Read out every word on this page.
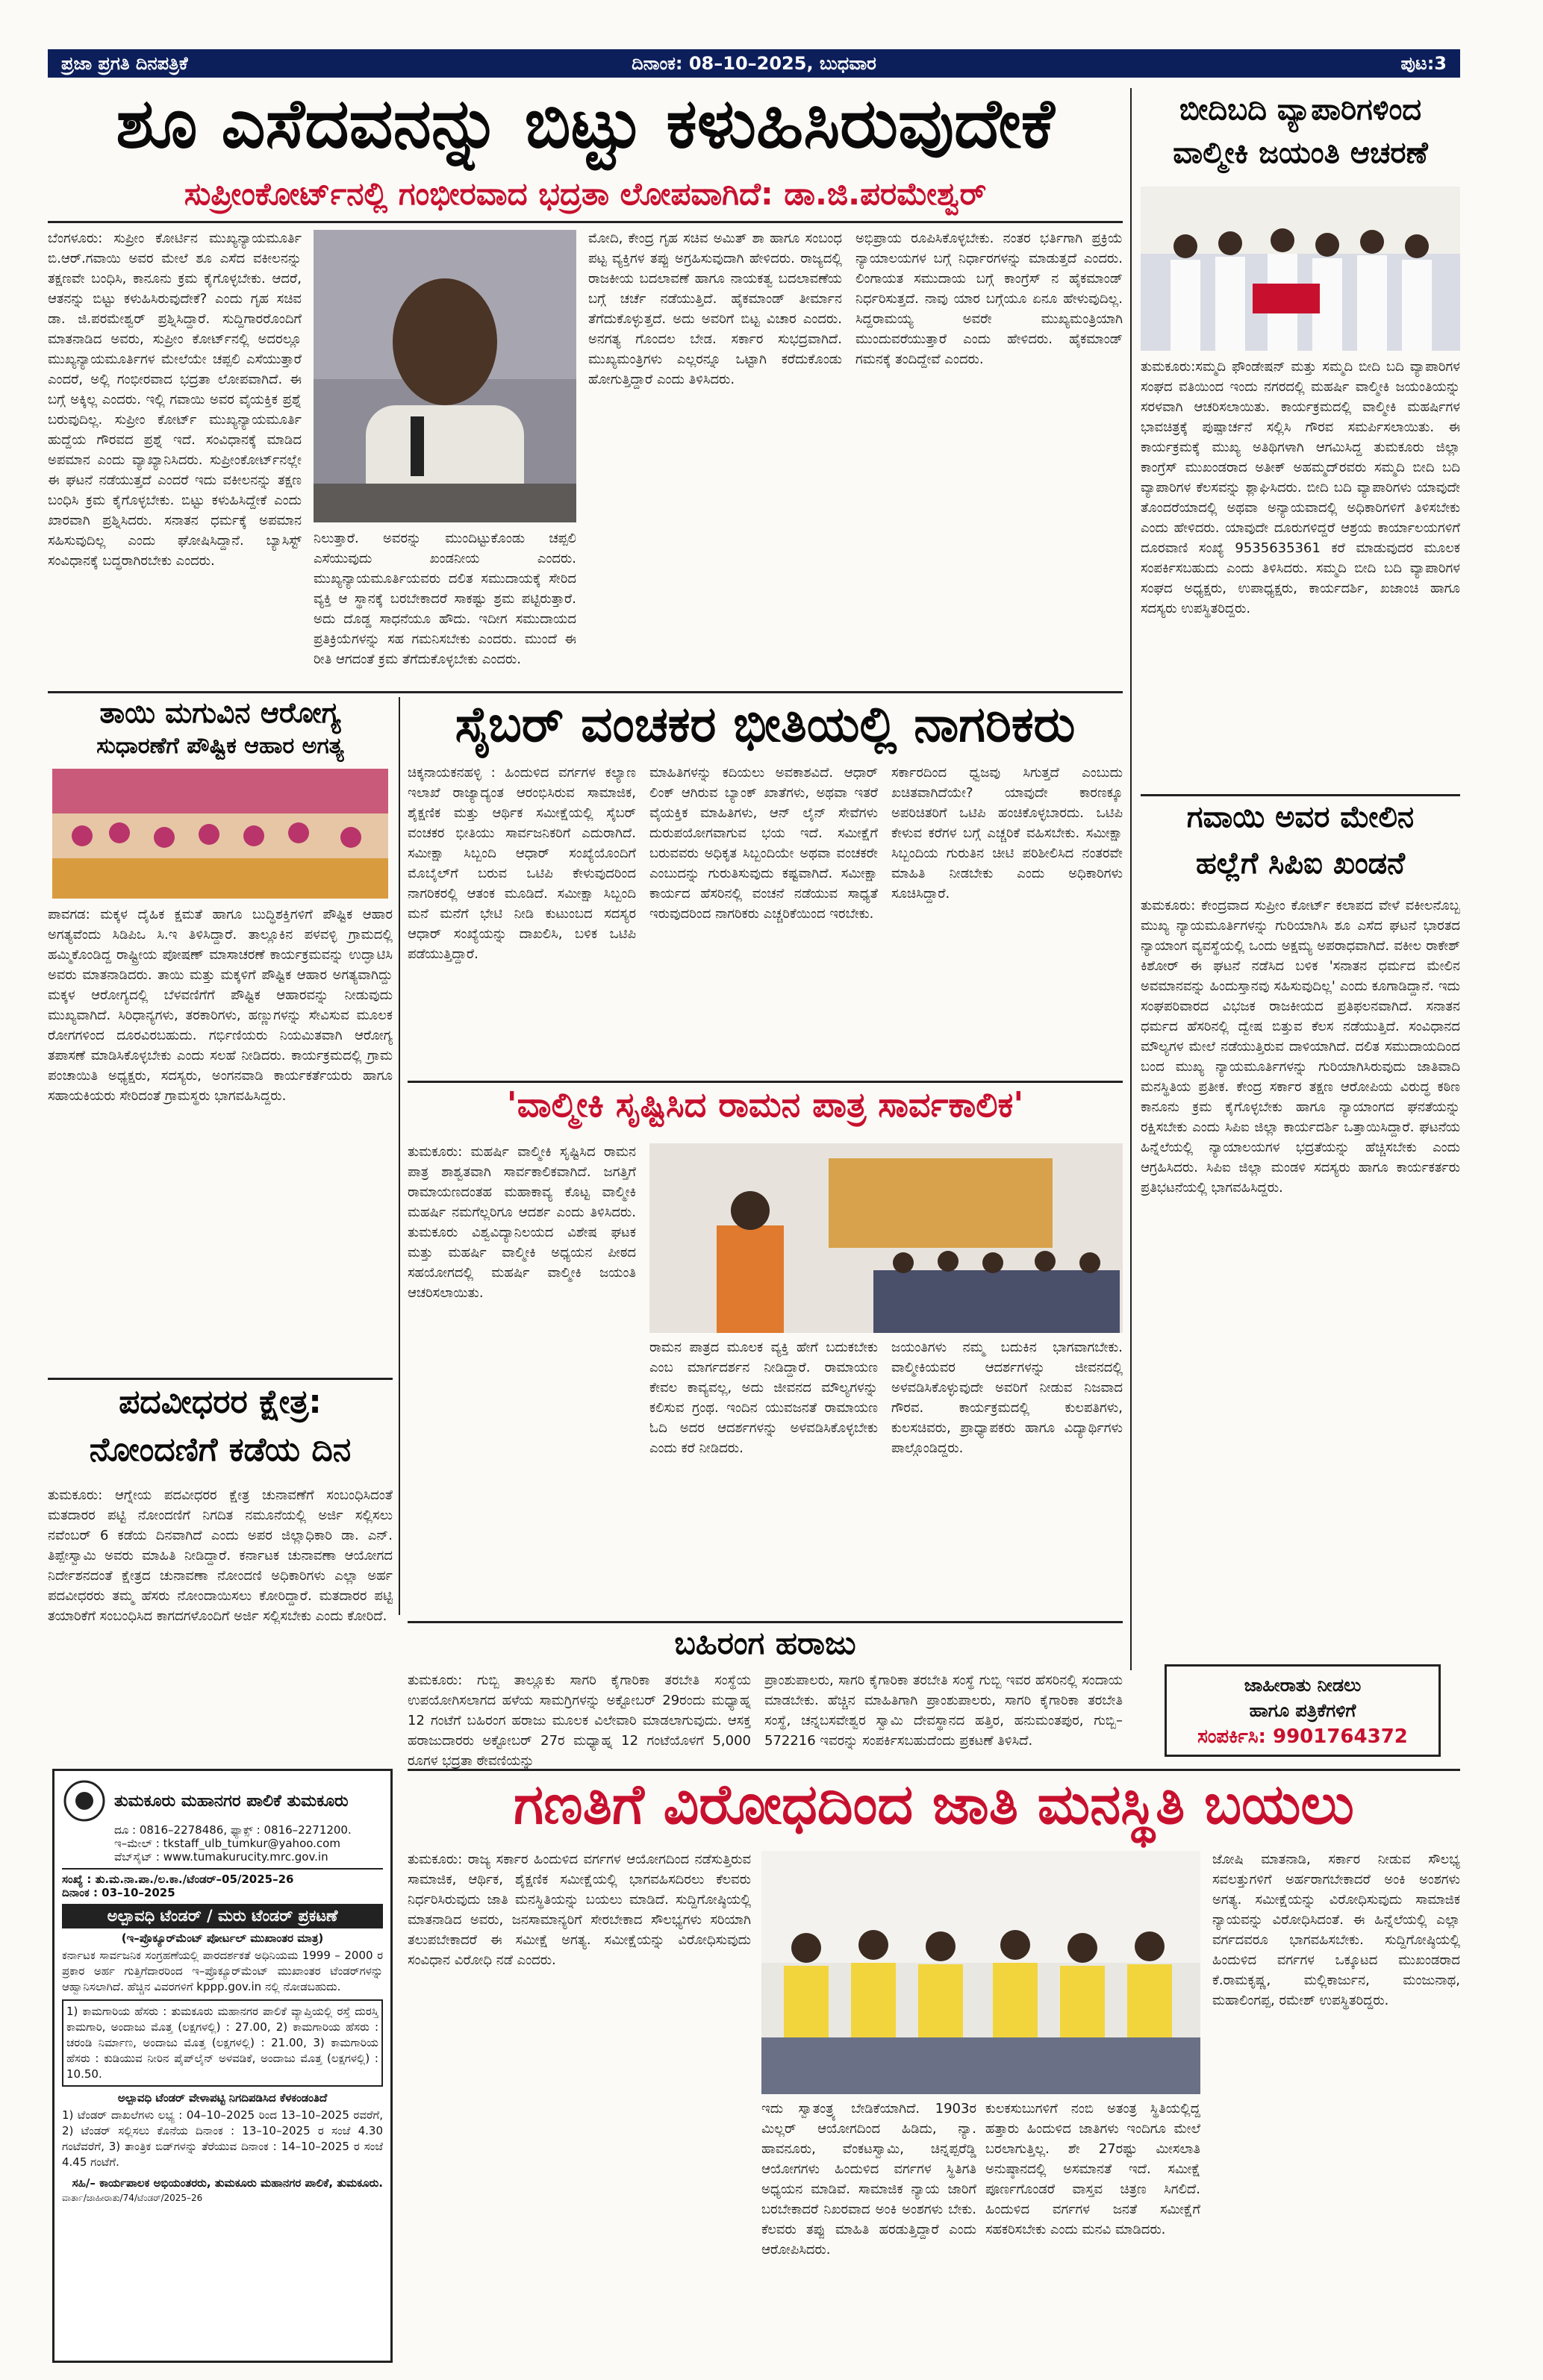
ಪ್ರಜಾ ಪ್ರಗತಿ ದಿನಪತ್ರಿಕೆ	ದಿನಾಂಕ: 08–10–2025, ಬುಧವಾರ	ಪುಟ:3
ಶೂ ಎಸೆದವನನ್ನು ಬಿಟ್ಟು ಕಳುಹಿಸಿರುವುದೇಕೆ
ಸುಪ್ರೀಂಕೋರ್ಟ್‌ನಲ್ಲಿ ಗಂಭೀರವಾದ ಭದ್ರತಾ ಲೋಪವಾಗಿದೆ: ಡಾ.ಜಿ.ಪರಮೇಶ್ವರ್
ಬೆಂಗಳೂರು: ಸುಪ್ರೀಂ ಕೋರ್ಟಿನ ಮುಖ್ಯನ್ಯಾಯಮೂರ್ತಿ ಬಿ.ಆರ್.ಗವಾಯಿ ಅವರ ಮೇಲೆ ಶೂ ಎಸೆದ ವಕೀಲನನ್ನು ತಕ್ಷಣವೇ ಬಂಧಿಸಿ, ಕಾನೂನು ಕ್ರಮ ಕೈಗೊಳ್ಳಬೇಕು. ಆದರೆ, ಆತನನ್ನು ಬಿಟ್ಟು ಕಳುಹಿಸಿರುವುದೇಕೆ? ಎಂದು ಗೃಹ ಸಚಿವ ಡಾ. ಜಿ.ಪರಮೇಶ್ವರ್ ಪ್ರಶ್ನಿಸಿದ್ದಾರೆ. ಸುದ್ದಿಗಾರರೊಂದಿಗೆ ಮಾತನಾಡಿದ ಅವರು, ಸುಪ್ರೀಂ ಕೋರ್ಟ್‌ನಲ್ಲಿ ಅದರಲ್ಲೂ ಮುಖ್ಯನ್ಯಾಯಮೂರ್ತಿಗಳ ಮೇಲೆಯೇ ಚಪ್ಪಲಿ ಎಸೆಯುತ್ತಾರೆ ಎಂದರೆ, ಅಲ್ಲಿ ಗಂಭೀರವಾದ ಭದ್ರತಾ ಲೋಪವಾಗಿದೆ. ಈ ಬಗ್ಗೆ ಅಕ್ಕಿಲ್ಲ ಎಂದರು. ಇಲ್ಲಿ ಗವಾಯಿ ಅವರ ವೈಯಕ್ತಿಕ ಪ್ರಶ್ನೆ ಬರುವುದಿಲ್ಲ. ಸುಪ್ರೀಂ ಕೋರ್ಟ್ ಮುಖ್ಯನ್ಯಾಯಮೂರ್ತಿ ಹುದ್ದೆಯ ಗೌರವದ ಪ್ರಶ್ನೆ ಇದೆ. ಸಂವಿಧಾನಕ್ಕೆ ಮಾಡಿದ ಅಪಮಾನ ಎಂದು ವ್ಯಾಖ್ಯಾನಿಸಿದರು. ಸುಪ್ರೀಂಕೋರ್ಟ್‌ನಲ್ಲೇ ಈ ಘಟನೆ ನಡೆಯುತ್ತದೆ ಎಂದರೆ ಇದು ವಕೀಲನನ್ನು ತಕ್ಷಣ ಬಂಧಿಸಿ ಕ್ರಮ ಕೈಗೊಳ್ಳಬೇಕು. ಬಿಟ್ಟು ಕಳುಹಿಸಿದ್ದೇಕೆ ಎಂದು ಖಾರವಾಗಿ ಪ್ರಶ್ನಿಸಿದರು. ಸನಾತನ ಧರ್ಮಕ್ಕೆ ಅಪಮಾನ ಸಹಿಸುವುದಿಲ್ಲ ಎಂದು ಘೋಷಿಸಿದ್ದಾನೆ. ಬ್ಯಾಸಿಸ್ಟ್ ಸಂವಿಧಾನಕ್ಕೆ ಬದ್ಧರಾಗಿರಬೇಕು ಎಂದರು.
ನಿಲುತ್ತಾರೆ. ಅವರನ್ನು ಮುಂದಿಟ್ಟುಕೊಂಡು ಚಪ್ಪಲಿ ಎಸೆಯುವುದು ಖಂಡನೀಯ ಎಂದರು. ಮುಖ್ಯನ್ಯಾಯಮೂರ್ತಿಯವರು ದಲಿತ ಸಮುದಾಯಕ್ಕೆ ಸೇರಿದ ವ್ಯಕ್ತಿ ಆ ಸ್ಥಾನಕ್ಕೆ ಬರಬೇಕಾದರೆ ಸಾಕಷ್ಟು ಶ್ರಮ ಪಟ್ಟಿರುತ್ತಾರೆ. ಅದು ದೊಡ್ಡ ಸಾಧನೆಯೂ ಹೌದು. ಇದೀಗ ಸಮುದಾಯದ ಪ್ರತಿಕ್ರಿಯೆಗಳನ್ನು ಸಹ ಗಮನಿಸಬೇಕು ಎಂದರು. ಮುಂದೆ ಈ ರೀತಿ ಆಗದಂತೆ ಕ್ರಮ ತೆಗೆದುಕೊಳ್ಳಬೇಕು ಎಂದರು.
ಮೋದಿ, ಕೇಂದ್ರ ಗೃಹ ಸಚಿವ ಅಮಿತ್ ಶಾ ಹಾಗೂ ಸಂಬಂಧ ಪಟ್ಟ ವ್ಯಕ್ತಿಗಳ ತಪ್ಪು ಅಗ್ರಹಿಸುವುದಾಗಿ ಹೇಳಿದರು. ರಾಜ್ಯದಲ್ಲಿ ರಾಜಕೀಯ ಬದಲಾವಣೆ ಹಾಗೂ ನಾಯಕತ್ವ ಬದಲಾವಣೆಯ ಬಗ್ಗೆ ಚರ್ಚೆ ನಡೆಯುತ್ತಿದೆ. ಹೈಕಮಾಂಡ್ ತೀರ್ಮಾನ ತೆಗೆದುಕೊಳ್ಳುತ್ತದೆ. ಅದು ಅವರಿಗೆ ಬಿಟ್ಟ ವಿಚಾರ ಎಂದರು. ಅನಗತ್ಯ ಗೊಂದಲ ಬೇಡ. ಸರ್ಕಾರ ಸುಭದ್ರವಾಗಿದೆ. ಮುಖ್ಯಮಂತ್ರಿಗಳು ಎಲ್ಲರನ್ನೂ ಒಟ್ಟಾಗಿ ಕರೆದುಕೊಂಡು ಹೋಗುತ್ತಿದ್ದಾರೆ ಎಂದು ತಿಳಿಸಿದರು.
ಅಭಿಪ್ರಾಯ ರೂಪಿಸಿಕೊಳ್ಳಬೇಕು. ನಂತರ ಭರ್ತಿಗಾಗಿ ಪ್ರಕ್ರಿಯೆ ನ್ಯಾಯಾಲಯಗಳ ಬಗ್ಗೆ ನಿರ್ಧಾರಗಳನ್ನು ಮಾಡುತ್ತದೆ ಎಂದರು. ಲಿಂಗಾಯತ ಸಮುದಾಯ ಬಗ್ಗೆ ಕಾಂಗ್ರೆಸ್ ನ ಹೈಕಮಾಂಡ್ ನಿರ್ಧರಿಸುತ್ತದೆ. ನಾವು ಯಾರ ಬಗ್ಗೆಯೂ ಏನೂ ಹೇಳುವುದಿಲ್ಲ. ಸಿದ್ದರಾಮಯ್ಯ ಅವರೇ ಮುಖ್ಯಮಂತ್ರಿಯಾಗಿ ಮುಂದುವರೆಯುತ್ತಾರೆ ಎಂದು ಹೇಳಿದರು. ಹೈಕಮಾಂಡ್ ಗಮನಕ್ಕೆ ತಂದಿದ್ದೇವೆ ಎಂದರು.
ಬೀದಿಬದಿ ವ್ಯಾಪಾರಿಗಳಿಂದ ವಾಲ್ಮೀಕಿ ಜಯಂತಿ ಆಚರಣೆ
ತುಮಕೂರು:ಸಮ್ಮದಿ ಫೌಂಡೇಷನ್ ಮತ್ತು ಸಮ್ಮದಿ ಬೀದಿ ಬದಿ ವ್ಯಾಪಾರಿಗಳ ಸಂಘದ ವತಿಯಿಂದ ಇಂದು ನಗರದಲ್ಲಿ ಮಹರ್ಷಿ ವಾಲ್ಮೀಕಿ ಜಯಂತಿಯನ್ನು ಸರಳವಾಗಿ ಆಚರಿಸಲಾಯಿತು. ಕಾರ್ಯಕ್ರಮದಲ್ಲಿ ವಾಲ್ಮೀಕಿ ಮಹರ್ಷಿಗಳ ಭಾವಚಿತ್ರಕ್ಕೆ ಪುಷ್ಪಾರ್ಚನೆ ಸಲ್ಲಿಸಿ ಗೌರವ ಸಮರ್ಪಿಸಲಾಯಿತು. ಈ ಕಾರ್ಯಕ್ರಮಕ್ಕೆ ಮುಖ್ಯ ಅತಿಥಿಗಳಾಗಿ ಆಗಮಿಸಿದ್ದ ತುಮಕೂರು ಜಿಲ್ಲಾ ಕಾಂಗ್ರೆಸ್ ಮುಖಂಡರಾದ ಅತೀಕ್ ಅಹಮ್ಮದ್‌ರವರು ಸಮ್ಮದಿ ಬೀದಿ ಬದಿ ವ್ಯಾಪಾರಿಗಳ ಕೆಲಸವನ್ನು ಶ್ಲಾಘಿಸಿದರು. ಬೀದಿ ಬದಿ ವ್ಯಾಪಾರಿಗಳು ಯಾವುದೇ ತೊಂದರೆಯಾದಲ್ಲಿ ಅಥವಾ ಅನ್ಯಾಯವಾದಲ್ಲಿ ಅಧಿಕಾರಿಗಳಿಗೆ ತಿಳಿಸಬೇಕು ಎಂದು ಹೇಳಿದರು. ಯಾವುದೇ ದೂರುಗಳಿದ್ದರೆ ಆಶ್ರಯ ಕಾರ್ಯಾಲಯಗಳಿಗೆ ದೂರವಾಣಿ ಸಂಖ್ಯೆ 9535635361 ಕರೆ ಮಾಡುವುದರ ಮೂಲಕ ಸಂಪರ್ಕಿಸಬಹುದು ಎಂದು ತಿಳಿಸಿದರು. ಸಮ್ಮದಿ ಬೀದಿ ಬದಿ ವ್ಯಾಪಾರಿಗಳ ಸಂಘದ ಅಧ್ಯಕ್ಷರು, ಉಪಾಧ್ಯಕ್ಷರು, ಕಾರ್ಯದರ್ಶಿ, ಖಜಾಂಚಿ ಹಾಗೂ ಸದಸ್ಯರು ಉಪಸ್ಥಿತರಿದ್ದರು.
ತಾಯಿ ಮಗುವಿನ ಆರೋಗ್ಯ
ಸುಧಾರಣೆಗೆ ಪೌಷ್ಟಿಕ ಆಹಾರ ಅಗತ್ಯ
ಪಾವಗಡ: ಮಕ್ಕಳ ದೈಹಿಕ ಕ್ಷಮತೆ ಹಾಗೂ ಬುದ್ಧಿಶಕ್ತಿಗಳಿಗೆ ಪೌಷ್ಟಿಕ ಆಹಾರ ಅಗತ್ಯವೆಂದು ಸಿಡಿಪಿಒ ಸಿ.ಇ ತಿಳಿಸಿದ್ದಾರೆ. ತಾಲ್ಲೂಕಿನ ಪಳವಳ್ಳಿ ಗ್ರಾಮದಲ್ಲಿ ಹಮ್ಮಿಕೊಂಡಿದ್ದ ರಾಷ್ಟ್ರೀಯ ಪೋಷಣ್ ಮಾಸಾಚರಣೆ ಕಾರ್ಯಕ್ರಮವನ್ನು ಉದ್ಘಾಟಿಸಿ ಅವರು ಮಾತನಾಡಿದರು. ತಾಯಿ ಮತ್ತು ಮಕ್ಕಳಿಗೆ ಪೌಷ್ಟಿಕ ಆಹಾರ ಅಗತ್ಯವಾಗಿದ್ದು ಮಕ್ಕಳ ಆರೋಗ್ಯದಲ್ಲಿ ಬೆಳವಣಿಗೆಗೆ ಪೌಷ್ಟಿಕ ಆಹಾರವನ್ನು ನೀಡುವುದು ಮುಖ್ಯವಾಗಿದೆ. ಸಿರಿಧಾನ್ಯಗಳು, ತರಕಾರಿಗಳು, ಹಣ್ಣುಗಳನ್ನು ಸೇವಿಸುವ ಮೂಲಕ ರೋಗಗಳಿಂದ ದೂರವಿರಬಹುದು. ಗರ್ಭಿಣಿಯರು ನಿಯಮಿತವಾಗಿ ಆರೋಗ್ಯ ತಪಾಸಣೆ ಮಾಡಿಸಿಕೊಳ್ಳಬೇಕು ಎಂದು ಸಲಹೆ ನೀಡಿದರು. ಕಾರ್ಯಕ್ರಮದಲ್ಲಿ ಗ್ರಾಮ ಪಂಚಾಯಿತಿ ಅಧ್ಯಕ್ಷರು, ಸದಸ್ಯರು, ಅಂಗನವಾಡಿ ಕಾರ್ಯಕರ್ತೆಯರು ಹಾಗೂ ಸಹಾಯಕಿಯರು ಸೇರಿದಂತೆ ಗ್ರಾಮಸ್ಥರು ಭಾಗವಹಿಸಿದ್ದರು.
ಸೈಬರ್ ವಂಚಕರ ಭೀತಿಯಲ್ಲಿ ನಾಗರಿಕರು
ಚಿಕ್ಕನಾಯಕನಹಳ್ಳಿ : ಹಿಂದುಳಿದ ವರ್ಗಗಳ ಕಲ್ಯಾಣ ಇಲಾಖೆ ರಾಜ್ಯಾದ್ಯಂತ ಆರಂಭಿಸಿರುವ ಸಾಮಾಜಿಕ, ಶೈಕ್ಷಣಿಕ ಮತ್ತು ಆರ್ಥಿಕ ಸಮೀಕ್ಷೆಯಲ್ಲಿ ಸೈಬರ್ ವಂಚಕರ ಭೀತಿಯು ಸಾರ್ವಜನಿಕರಿಗೆ ಎದುರಾಗಿದೆ. ಸಮೀಕ್ಷಾ ಸಿಬ್ಬಂದಿ ಆಧಾರ್ ಸಂಖ್ಯೆಯೊಂದಿಗೆ ಮೊಬೈಲ್‌ಗೆ ಬರುವ ಒಟಿಪಿ ಕೇಳುವುದರಿಂದ ನಾಗರಿಕರಲ್ಲಿ ಆತಂಕ ಮೂಡಿದೆ. ಸಮೀಕ್ಷಾ ಸಿಬ್ಬಂದಿ ಮನೆ ಮನೆಗೆ ಭೇಟಿ ನೀಡಿ ಕುಟುಂಬದ ಸದಸ್ಯರ ಆಧಾರ್ ಸಂಖ್ಯೆಯನ್ನು ದಾಖಲಿಸಿ, ಬಳಿಕ ಒಟಿಪಿ ಪಡೆಯುತ್ತಿದ್ದಾರೆ.
ಮಾಹಿತಿಗಳನ್ನು ಕದಿಯಲು ಅವಕಾಶವಿದೆ. ಆಧಾರ್ ಲಿಂಕ್ ಆಗಿರುವ ಬ್ಯಾಂಕ್ ಖಾತೆಗಳು, ಅಥವಾ ಇತರೆ ವೈಯಕ್ತಿಕ ಮಾಹಿತಿಗಳು, ಆನ್ ಲೈನ್ ಸೇವೆಗಳು ದುರುಪಯೋಗವಾಗುವ ಭಯ ಇದೆ. ಸಮೀಕ್ಷೆಗೆ ಬರುವವರು ಅಧಿಕೃತ ಸಿಬ್ಬಂದಿಯೇ ಅಥವಾ ವಂಚಕರೇ ಎಂಬುದನ್ನು ಗುರುತಿಸುವುದು ಕಷ್ಟವಾಗಿದೆ. ಸಮೀಕ್ಷಾ ಕಾರ್ಯದ ಹೆಸರಿನಲ್ಲಿ ವಂಚನೆ ನಡೆಯುವ ಸಾಧ್ಯತೆ ಇರುವುದರಿಂದ ನಾಗರಿಕರು ಎಚ್ಚರಿಕೆಯಿಂದ ಇರಬೇಕು.
ಸರ್ಕಾರದಿಂದ ಧ್ವಜವು ಸಿಗುತ್ತದೆ ಎಂಬುದು ಖಚಿತವಾಗಿದೆಯೇ? ಯಾವುದೇ ಕಾರಣಕ್ಕೂ ಅಪರಿಚಿತರಿಗೆ ಒಟಿಪಿ ಹಂಚಿಕೊಳ್ಳಬಾರದು. ಒಟಿಪಿ ಕೇಳುವ ಕರೆಗಳ ಬಗ್ಗೆ ಎಚ್ಚರಿಕೆ ವಹಿಸಬೇಕು. ಸಮೀಕ್ಷಾ ಸಿಬ್ಬಂದಿಯ ಗುರುತಿನ ಚೀಟಿ ಪರಿಶೀಲಿಸಿದ ನಂತರವೇ ಮಾಹಿತಿ ನೀಡಬೇಕು ಎಂದು ಅಧಿಕಾರಿಗಳು ಸೂಚಿಸಿದ್ದಾರೆ.
'ವಾಲ್ಮೀಕಿ ಸೃಷ್ಟಿಸಿದ ರಾಮನ ಪಾತ್ರ ಸಾರ್ವಕಾಲಿಕ'
ತುಮಕೂರು: ಮಹರ್ಷಿ ವಾಲ್ಮೀಕಿ ಸೃಷ್ಟಿಸಿದ ರಾಮನ ಪಾತ್ರ ಶಾಶ್ವತವಾಗಿ ಸಾರ್ವಕಾಲಿಕವಾಗಿದೆ. ಜಗತ್ತಿಗೆ ರಾಮಾಯಣದಂತಹ ಮಹಾಕಾವ್ಯ ಕೊಟ್ಟ ವಾಲ್ಮೀಕಿ ಮಹರ್ಷಿ ನಮಗೆಲ್ಲರಿಗೂ ಆದರ್ಶ ಎಂದು ತಿಳಿಸಿದರು. ತುಮಕೂರು ವಿಶ್ವವಿದ್ಯಾನಿಲಯದ ವಿಶೇಷ ಘಟಕ ಮತ್ತು ಮಹರ್ಷಿ ವಾಲ್ಮೀಕಿ ಅಧ್ಯಯನ ಪೀಠದ ಸಹಯೋಗದಲ್ಲಿ ಮಹರ್ಷಿ ವಾಲ್ಮೀಕಿ ಜಯಂತಿ ಆಚರಿಸಲಾಯಿತು.
ರಾಮನ ಪಾತ್ರದ ಮೂಲಕ ವ್ಯಕ್ತಿ ಹೇಗೆ ಬದುಕಬೇಕು ಎಂಬ ಮಾರ್ಗದರ್ಶನ ನೀಡಿದ್ದಾರೆ. ರಾಮಾಯಣ ಕೇವಲ ಕಾವ್ಯವಲ್ಲ, ಅದು ಜೀವನದ ಮೌಲ್ಯಗಳನ್ನು ಕಲಿಸುವ ಗ್ರಂಥ. ಇಂದಿನ ಯುವಜನತೆ ರಾಮಾಯಣ ಓದಿ ಅದರ ಆದರ್ಶಗಳನ್ನು ಅಳವಡಿಸಿಕೊಳ್ಳಬೇಕು ಎಂದು ಕರೆ ನೀಡಿದರು.
ಜಯಂತಿಗಳು ನಮ್ಮ ಬದುಕಿನ ಭಾಗವಾಗಬೇಕು. ವಾಲ್ಮೀಕಿಯವರ ಆದರ್ಶಗಳನ್ನು ಜೀವನದಲ್ಲಿ ಅಳವಡಿಸಿಕೊಳ್ಳುವುದೇ ಅವರಿಗೆ ನೀಡುವ ನಿಜವಾದ ಗೌರವ. ಕಾರ್ಯಕ್ರಮದಲ್ಲಿ ಕುಲಪತಿಗಳು, ಕುಲಸಚಿವರು, ಪ್ರಾಧ್ಯಾಪಕರು ಹಾಗೂ ವಿದ್ಯಾರ್ಥಿಗಳು ಪಾಲ್ಗೊಂಡಿದ್ದರು.
ಬಹಿರಂಗ ಹರಾಜು
ತುಮಕೂರು: ಗುಬ್ಬಿ ತಾಲ್ಲೂಕು ಸಾಗರಿ ಕೈಗಾರಿಕಾ ತರಬೇತಿ ಸಂಸ್ಥೆಯ ಉಪಯೋಗಿಸಲಾಗದ ಹಳೆಯ ಸಾಮಗ್ರಿಗಳನ್ನು ಅಕ್ಟೋಬರ್ 29ರಂದು ಮಧ್ಯಾಹ್ನ 12 ಗಂಟೆಗೆ ಬಹಿರಂಗ ಹರಾಜು ಮೂಲಕ ವಿಲೇವಾರಿ ಮಾಡಲಾಗುವುದು. ಆಸಕ್ತ ಹರಾಜುದಾರರು ಅಕ್ಟೋಬರ್ 27ರ ಮಧ್ಯಾಹ್ನ 12 ಗಂಟೆಯೊಳಗೆ 5,000 ರೂಗಳ ಭದ್ರತಾ ಠೇವಣಿಯನ್ನು
ಪ್ರಾಂಶುಪಾಲರು, ಸಾಗರಿ ಕೈಗಾರಿಕಾ ತರಬೇತಿ ಸಂಸ್ಥೆ ಗುಬ್ಬಿ ಇವರ ಹೆಸರಿನಲ್ಲಿ ಸಂದಾಯ ಮಾಡಬೇಕು. ಹೆಚ್ಚಿನ ಮಾಹಿತಿಗಾಗಿ ಪ್ರಾಂಶುಪಾಲರು, ಸಾಗರಿ ಕೈಗಾರಿಕಾ ತರಬೇತಿ ಸಂಸ್ಥೆ, ಚನ್ನಬಸವೇಶ್ವರ ಸ್ವಾಮಿ ದೇವಸ್ಥಾನದ ಹತ್ತಿರ, ಹನುಮಂತಪುರ, ಗುಬ್ಬಿ–572216 ಇವರನ್ನು ಸಂಪರ್ಕಿಸಬಹುದೆಂದು ಪ್ರಕಟಣೆ ತಿಳಿಸಿದೆ.
ಗವಾಯಿ ಅವರ ಮೇಲಿನ
ಹಲ್ಲೆಗೆ ಸಿಪಿಐ ಖಂಡನೆ
ತುಮಕೂರು: ಕೇಂದ್ರವಾದ ಸುಪ್ರೀಂ ಕೋರ್ಟ್ ಕಲಾಪದ ವೇಳೆ ವಕೀಲನೊಬ್ಬ ಮುಖ್ಯ ನ್ಯಾಯಮೂರ್ತಿಗಳನ್ನು ಗುರಿಯಾಗಿಸಿ ಶೂ ಎಸೆದ ಘಟನೆ ಭಾರತದ ನ್ಯಾಯಾಂಗ ವ್ಯವಸ್ಥೆಯಲ್ಲಿ ಒಂದು ಅಕ್ಷಮ್ಯ ಅಪರಾಧವಾಗಿದೆ. ವಕೀಲ ರಾಕೇಶ್ ಕಿಶೋರ್ ಈ ಘಟನೆ ನಡೆಸಿದ ಬಳಿಕ 'ಸನಾತನ ಧರ್ಮದ ಮೇಲಿನ ಅವಮಾನವನ್ನು ಹಿಂದುಸ್ತಾನವು ಸಹಿಸುವುದಿಲ್ಲ' ಎಂದು ಕೂಗಾಡಿದ್ದಾನೆ. ಇದು ಸಂಘಪರಿವಾರದ ವಿಭಜಕ ರಾಜಕೀಯದ ಪ್ರತಿಫಲನವಾಗಿದೆ. ಸನಾತನ ಧರ್ಮದ ಹೆಸರಿನಲ್ಲಿ ದ್ವೇಷ ಬಿತ್ತುವ ಕೆಲಸ ನಡೆಯುತ್ತಿದೆ. ಸಂವಿಧಾನದ ಮೌಲ್ಯಗಳ ಮೇಲೆ ನಡೆಯುತ್ತಿರುವ ದಾಳಿಯಾಗಿದೆ. ದಲಿತ ಸಮುದಾಯದಿಂದ ಬಂದ ಮುಖ್ಯ ನ್ಯಾಯಮೂರ್ತಿಗಳನ್ನು ಗುರಿಯಾಗಿಸಿರುವುದು ಜಾತಿವಾದಿ ಮನಸ್ಥಿತಿಯ ಪ್ರತೀಕ. ಕೇಂದ್ರ ಸರ್ಕಾರ ತಕ್ಷಣ ಆರೋಪಿಯ ವಿರುದ್ಧ ಕಠಿಣ ಕಾನೂನು ಕ್ರಮ ಕೈಗೊಳ್ಳಬೇಕು ಹಾಗೂ ನ್ಯಾಯಾಂಗದ ಘನತೆಯನ್ನು ರಕ್ಷಿಸಬೇಕು ಎಂದು ಸಿಪಿಐ ಜಿಲ್ಲಾ ಕಾರ್ಯದರ್ಶಿ ಒತ್ತಾಯಿಸಿದ್ದಾರೆ. ಘಟನೆಯ ಹಿನ್ನೆಲೆಯಲ್ಲಿ ನ್ಯಾಯಾಲಯಗಳ ಭದ್ರತೆಯನ್ನು ಹೆಚ್ಚಿಸಬೇಕು ಎಂದು ಆಗ್ರಹಿಸಿದರು. ಸಿಪಿಐ ಜಿಲ್ಲಾ ಮಂಡಳಿ ಸದಸ್ಯರು ಹಾಗೂ ಕಾರ್ಯಕರ್ತರು ಪ್ರತಿಭಟನೆಯಲ್ಲಿ ಭಾಗವಹಿಸಿದ್ದರು.
ಜಾಹೀರಾತು ನೀಡಲು
ಹಾಗೂ ಪತ್ರಿಕೆಗಳಿಗೆ
ಸಂಪರ್ಕಿಸಿ: 9901764372
ಪದವೀಧರರ ಕ್ಷೇತ್ರ:
ನೋಂದಣಿಗೆ ಕಡೆಯ ದಿನ
ತುಮಕೂರು: ಆಗ್ನೇಯ ಪದವೀಧರರ ಕ್ಷೇತ್ರ ಚುನಾವಣೆಗೆ ಸಂಬಂಧಿಸಿದಂತೆ ಮತದಾರರ ಪಟ್ಟಿ ನೋಂದಣಿಗೆ ನಿಗದಿತ ನಮೂನೆಯಲ್ಲಿ ಅರ್ಜಿ ಸಲ್ಲಿಸಲು ನವೆಂಬರ್ 6 ಕಡೆಯ ದಿನವಾಗಿದೆ ಎಂದು ಅಪರ ಜಿಲ್ಲಾಧಿಕಾರಿ ಡಾ. ಎನ್. ತಿಪ್ಪೇಸ್ವಾಮಿ ಅವರು ಮಾಹಿತಿ ನೀಡಿದ್ದಾರೆ. ಕರ್ನಾಟಕ ಚುನಾವಣಾ ಆಯೋಗದ ನಿರ್ದೇಶನದಂತೆ ಕ್ಷೇತ್ರದ ಚುನಾವಣಾ ನೋಂದಣಿ ಅಧಿಕಾರಿಗಳು ಎಲ್ಲಾ ಅರ್ಹ ಪದವೀಧರರು ತಮ್ಮ ಹೆಸರು ನೋಂದಾಯಿಸಲು ಕೋರಿದ್ದಾರೆ. ಮತದಾರರ ಪಟ್ಟಿ ತಯಾರಿಕೆಗೆ ಸಂಬಂಧಿಸಿದ ಕಾಗದಗಳೊಂದಿಗೆ ಅರ್ಜಿ ಸಲ್ಲಿಸಬೇಕು ಎಂದು ಕೋರಿದೆ.
ತುಮಕೂರು ಮಹಾನಗರ ಪಾಲಿಕೆ ತುಮಕೂರು
ದೂ : 0816–2278486, ಫ್ಯಾಕ್ಸ್ : 0816–2271200.
ಇ–ಮೇಲ್ : tkstaff_ulb_tumkur@yahoo.com
ವೆಬ್‌ಸೈಟ್ : www.tumakurucity.mrc.gov.in
ಸಂಖ್ಯೆ : ತು.ಮ.ನಾ.ಪಾ./ಲ.ಕಾ./ಟೆಂಡರ್–05/2025–26
ದಿನಾಂಕ : 03–10–2025
ಅಲ್ಪಾವಧಿ ಟೆಂಡರ್ / ಮರು ಟೆಂಡರ್ ಪ್ರಕಟಣೆ
(ಇ–ಪ್ರೊಕ್ಯೂರ್‌ಮೆಂಟ್ ಪೋರ್ಟಲ್ ಮುಖಾಂತರ ಮಾತ್ರ)
ಕರ್ನಾಟಕ ಸಾರ್ವಜನಿಕ ಸಂಗ್ರಹಣೆಯಲ್ಲಿ ಪಾರದರ್ಶಕತೆ ಅಧಿನಿಯಮ 1999 – 2000 ರ ಪ್ರಕಾರ ಅರ್ಹ ಗುತ್ತಿಗೆದಾರರಿಂದ ಇ–ಪ್ರೊಕ್ಯೂರ್‌ಮೆಂಟ್ ಮುಖಾಂತರ ಟೆಂಡರ್‌ಗಳನ್ನು ಆಹ್ವಾನಿಸಲಾಗಿದೆ. ಹೆಚ್ಚಿನ ವಿವರಗಳಿಗೆ kppp.gov.in ನಲ್ಲಿ ನೋಡಬಹುದು.
1) ಕಾಮಗಾರಿಯ ಹೆಸರು : ತುಮಕೂರು ಮಹಾನಗರ ಪಾಲಿಕೆ ವ್ಯಾಪ್ತಿಯಲ್ಲಿ ರಸ್ತೆ ದುರಸ್ತಿ ಕಾಮಗಾರಿ, ಅಂದಾಜು ಮೊತ್ತ (ಲಕ್ಷಗಳಲ್ಲಿ) : 27.00, 2) ಕಾಮಗಾರಿಯ ಹೆಸರು : ಚರಂಡಿ ನಿರ್ಮಾಣ, ಅಂದಾಜು ಮೊತ್ತ (ಲಕ್ಷಗಳಲ್ಲಿ) : 21.00, 3) ಕಾಮಗಾರಿಯ ಹೆಸರು : ಕುಡಿಯುವ ನೀರಿನ ಪೈಪ್‌ಲೈನ್ ಅಳವಡಿಕೆ, ಅಂದಾಜು ಮೊತ್ತ (ಲಕ್ಷಗಳಲ್ಲಿ) : 10.50.
ಅಲ್ಪಾವಧಿ ಟೆಂಡರ್ ವೇಳಾಪಟ್ಟಿ ನಿಗದಿಪಡಿಸಿದ ಕೆಳಕಂಡಂತಿದೆ
1) ಟೆಂಡರ್ ದಾಖಲೆಗಳು ಲಭ್ಯ : 04–10–2025 ರಿಂದ 13–10–2025 ರವರೆಗೆ, 2) ಟೆಂಡರ್ ಸಲ್ಲಿಸಲು ಕೊನೆಯ ದಿನಾಂಕ : 13–10–2025 ರ ಸಂಜೆ 4.30 ಗಂಟೆವರೆಗೆ, 3) ತಾಂತ್ರಿಕ ಬಿಡ್‌ಗಳನ್ನು ತೆರೆಯುವ ದಿನಾಂಕ : 14–10–2025 ರ ಸಂಜೆ 4.45 ಗಂಟೆಗೆ.
ಸಹಿ/– ಕಾರ್ಯಪಾಲಕ ಅಭಿಯಂತರರು, ತುಮಕೂರು ಮಹಾನಗರ ಪಾಲಿಕೆ, ತುಮಕೂರು.
ವಾರ್ತಾ/ಜಾಹೀರಾತು/74/ಟೆಂಡರ್/2025–26
ಗಣತಿಗೆ ವಿರೋಧದಿಂದ ಜಾತಿ ಮನಸ್ಥಿತಿ ಬಯಲು
ತುಮಕೂರು: ರಾಜ್ಯ ಸರ್ಕಾರ ಹಿಂದುಳಿದ ವರ್ಗಗಳ ಆಯೋಗದಿಂದ ನಡೆಸುತ್ತಿರುವ ಸಾಮಾಜಿಕ, ಆರ್ಥಿಕ, ಶೈಕ್ಷಣಿಕ ಸಮೀಕ್ಷೆಯಲ್ಲಿ ಭಾಗವಹಿಸದಿರಲು ಕೆಲವರು ನಿರ್ಧರಿಸಿರುವುದು ಜಾತಿ ಮನಸ್ಥಿತಿಯನ್ನು ಬಯಲು ಮಾಡಿದೆ. ಸುದ್ದಿಗೋಷ್ಠಿಯಲ್ಲಿ ಮಾತನಾಡಿದ ಅವರು, ಜನಸಾಮಾನ್ಯರಿಗೆ ಸೇರಬೇಕಾದ ಸೌಲಭ್ಯಗಳು ಸರಿಯಾಗಿ ತಲುಪಬೇಕಾದರೆ ಈ ಸಮೀಕ್ಷೆ ಅಗತ್ಯ. ಸಮೀಕ್ಷೆಯನ್ನು ವಿರೋಧಿಸುವುದು ಸಂವಿಧಾನ ವಿರೋಧಿ ನಡೆ ಎಂದರು.
ಇದು ಸ್ವಾತಂತ್ರ್ಯ ಬೇಡಿಕೆಯಾಗಿದೆ. 1903ರ ಮಿಲ್ಲರ್ ಆಯೋಗದಿಂದ ಹಿಡಿದು, ನ್ಯಾ. ಹಾವನೂರು, ವೆಂಕಟಸ್ವಾಮಿ, ಚಿನ್ನಪ್ಪರೆಡ್ಡಿ ಆಯೋಗಗಳು ಹಿಂದುಳಿದ ವರ್ಗಗಳ ಸ್ಥಿತಿಗತಿ ಅಧ್ಯಯನ ಮಾಡಿವೆ. ಸಾಮಾಜಿಕ ನ್ಯಾಯ ಜಾರಿಗೆ ಬರಬೇಕಾದರೆ ನಿಖರವಾದ ಅಂಕಿ ಅಂಶಗಳು ಬೇಕು. ಕೆಲವರು ತಪ್ಪು ಮಾಹಿತಿ ಹರಡುತ್ತಿದ್ದಾರೆ ಎಂದು ಆರೋಪಿಸಿದರು.
ಕುಲಕಸುಬುಗಳಿಗೆ ನಂಬಿ ಅತಂತ್ರ ಸ್ಥಿತಿಯಲ್ಲಿದ್ದ ಹತ್ತಾರು ಹಿಂದುಳಿದ ಜಾತಿಗಳು ಇಂದಿಗೂ ಮೇಲೆ ಬರಲಾಗುತ್ತಿಲ್ಲ. ಶೇ 27ರಷ್ಟು ಮೀಸಲಾತಿ ಅನುಷ್ಠಾನದಲ್ಲಿ ಅಸಮಾನತೆ ಇದೆ. ಸಮೀಕ್ಷೆ ಪೂರ್ಣಗೊಂಡರೆ ವಾಸ್ತವ ಚಿತ್ರಣ ಸಿಗಲಿದೆ. ಹಿಂದುಳಿದ ವರ್ಗಗಳ ಜನತೆ ಸಮೀಕ್ಷೆಗೆ ಸಹಕರಿಸಬೇಕು ಎಂದು ಮನವಿ ಮಾಡಿದರು.
ಜೋಷಿ ಮಾತನಾಡಿ, ಸರ್ಕಾರ ನೀಡುವ ಸೌಲಭ್ಯ ಸವಲತ್ತುಗಳಿಗೆ ಅರ್ಹರಾಗಬೇಕಾದರೆ ಅಂಕಿ ಅಂಶಗಳು ಅಗತ್ಯ. ಸಮೀಕ್ಷೆಯನ್ನು ವಿರೋಧಿಸುವುದು ಸಾಮಾಜಿಕ ನ್ಯಾಯವನ್ನು ವಿರೋಧಿಸಿದಂತೆ. ಈ ಹಿನ್ನೆಲೆಯಲ್ಲಿ ಎಲ್ಲಾ ವರ್ಗದವರೂ ಭಾಗವಹಿಸಬೇಕು. ಸುದ್ದಿಗೋಷ್ಠಿಯಲ್ಲಿ ಹಿಂದುಳಿದ ವರ್ಗಗಳ ಒಕ್ಕೂಟದ ಮುಖಂಡರಾದ ಕೆ.ರಾಮಕೃಷ್ಣ, ಮಲ್ಲಿಕಾರ್ಜುನ, ಮಂಜುನಾಥ, ಮಹಾಲಿಂಗಪ್ಪ, ರಮೇಶ್ ಉಪಸ್ಥಿತರಿದ್ದರು.
